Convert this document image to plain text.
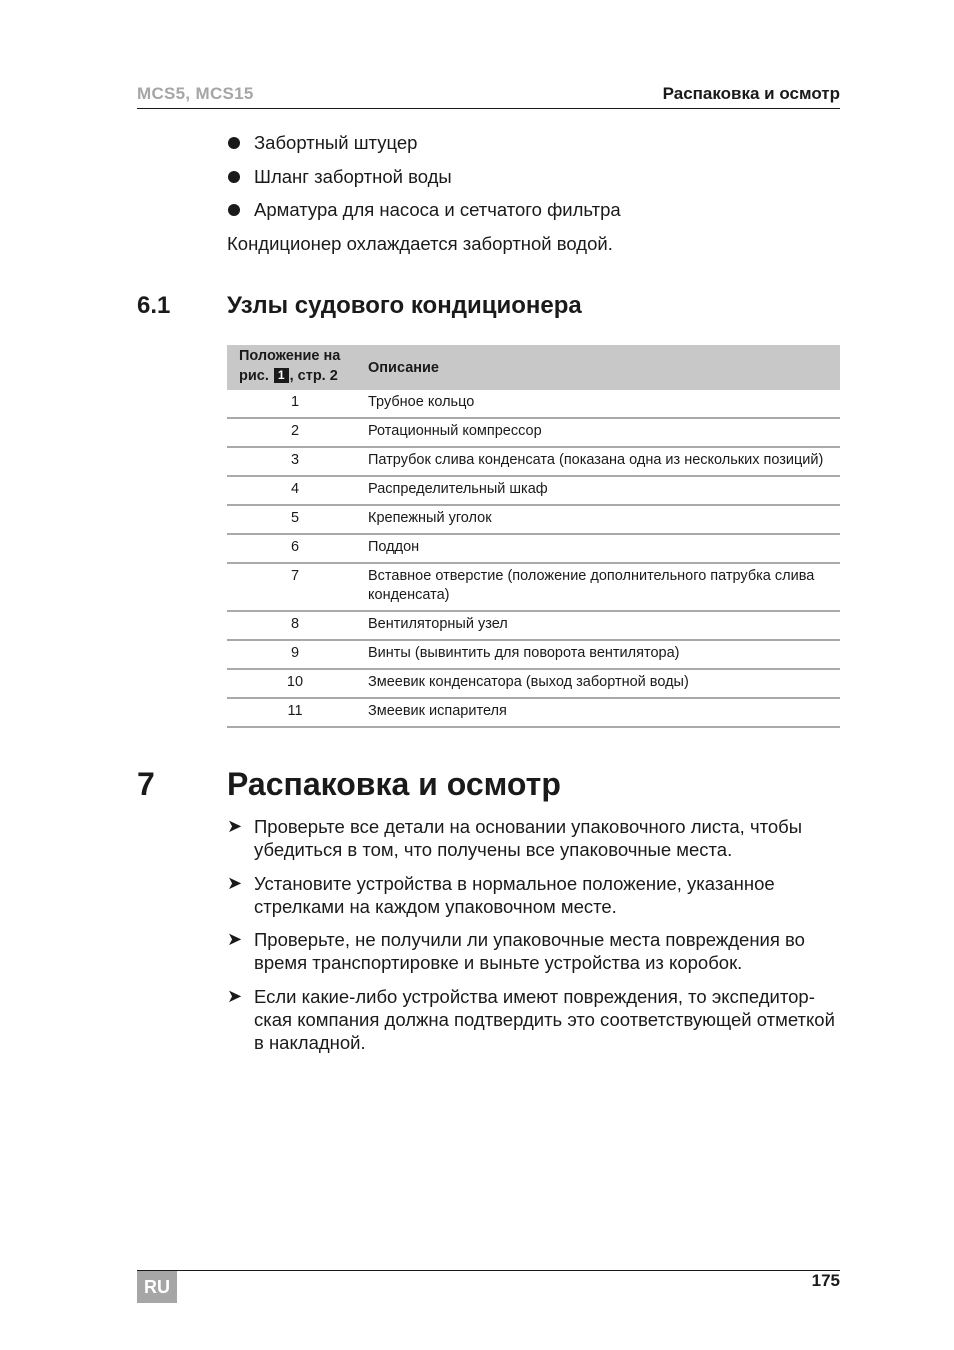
MCS5, MCS15	Распаковка и осмотр
Забортный штуцер
Шланг забортной воды
Арматура для насоса и сетчатого фильтра
Кондиционер охлаждается забортной водой.
6.1 Узлы судового кондиционера
Положение на
рис. 1 , стр. 2	Описание
1	Трубное кольцо
2	Ротационный компрессор
3	Патрубок слива конденсата (показана одна из нескольких позиций)
4	Распределительный шкаф
5	Крепежный уголок
6	Поддон
7	Вставное отверстие (положение дополнительного патрубка слива конденсата)
8	Вентиляторный узел
9	Винты (вывинтить для поворота вентилятора)
10	Змеевик конденсатора (выход забортной воды)
11	Змеевик испарителя
7 Распаковка и осмотр
➤ Проверьте все детали на основании упаковочного листа, чтобы убедиться в том, что получены все упаковочные места.
➤ Установите устройства в нормальное положение, указанное стрелками на каждом упаковочном месте.
➤ Проверьте, не получили ли упаковочные места повреждения во время транспортировке и выньте устройства из коробок.
➤ Если какие-либо устройства имеют повреждения, то экспедиторская компания должна подтвердить это соответствующей отметкой в накладной.
RU	175
